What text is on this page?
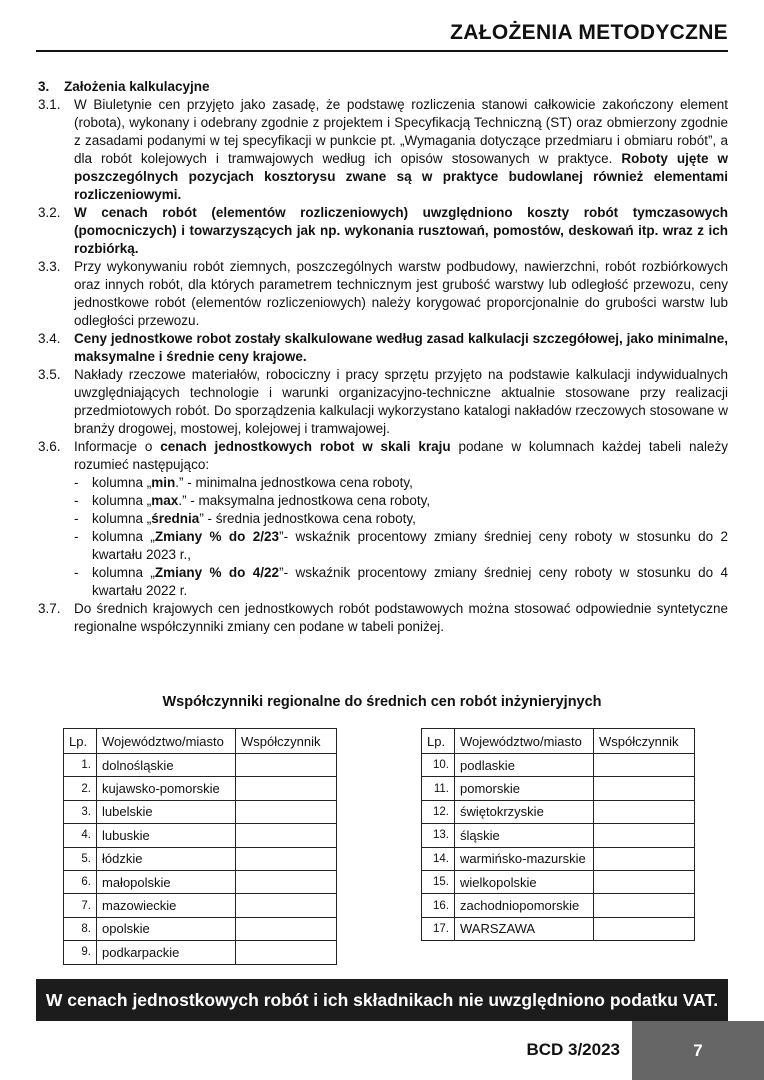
ZAŁOŻENIA METODYCZNE
3. Założenia kalkulacyjne
3.1. W Biuletynie cen przyjęto jako zasadę, że podstawę rozliczenia stanowi całkowicie zakończony element (robota), wykonany i odebrany zgodnie z projektem i Specyfikacją Techniczną (ST) oraz obmierzony zgodnie z zasadami podanymi w tej specyfikacji w punkcie pt. „Wymagania dotyczące przedmiaru i obmiaru robót”, a dla robót kolejowych i tramwajowych według ich opisów stosowanych w praktyce. Roboty ujęte w poszczególnych pozycjach kosztorysu zwane są w praktyce budowlanej również elementami rozliczeniowymi.
3.2. W cenach robót (elementów rozliczeniowych) uwzględniono koszty robót tymczasowych (pomocniczych) i towarzyszących jak np. wykonania rusztowań, pomostów, deskowań itp. wraz z ich rozbiórką.
3.3. Przy wykonywaniu robót ziemnych, poszczególnych warstw podbudowy, nawierzchni, robót rozbiórkowych oraz innych robót, dla których parametrem technicznym jest grubość warstwy lub odległość przewozu, ceny jednostkowe robót (elementów rozliczeniowych) należy korygować proporcjonalnie do grubości warstw lub odległości przewozu.
3.4. Ceny jednostkowe robot zostały skalkulowane według zasad kalkulacji szczegółowej, jako minimalne, maksymalne i średnie ceny krajowe.
3.5. Nakłady rzeczowe materiałów, robociczny i pracy sprzętu przyjęto na podstawie kalkulacji indywidualnych uwzględniających technologie i warunki organizacyjno-techniczne aktualnie stosowane przy realizacji przedmiotowych robót. Do sporządzenia kalkulacji wykorzystano katalogi nakładów rzeczowych stosowane w branży drogowej, mostowej, kolejowej i tramwajowej.
3.6. Informacje o cenach jednostkowych robot w skali kraju podane w kolumnach każdej tabeli należy rozumieć następująco:
-	kolumna „min.” - minimalna jednostkowa cena roboty,
-	kolumna „max.” - maksymalna jednostkowa cena roboty,
-	kolumna „średnia” - średnia jednostkowa cena roboty,
-	kolumna „Zmiany % do 2/23”- wskaźnik procentowy zmiany średniej ceny roboty w stosunku do 2 kwartału 2023 r.,
-	kolumna „Zmiany % do 4/22”- wskaźnik procentowy zmiany średniej ceny roboty w stosunku do 4 kwartału 2022 r.
3.7. Do średnich krajowych cen jednostkowych robót podstawowych można stosować odpowiednie syntetyczne regionalne współczynniki zmiany cen podane w tabeli poniżej.
Współczynniki regionalne do średnich cen robót inżynieryjnych
Lp.	Województwo/miasto	Współczynnik
1.	dolnośląskie	
2.	kujawsko-pomorskie	
3.	lubelskie	
4.	lubuskie	
5.	łódzkie	
6.	małopolskie	
7.	mazowieckie	
8.	opolskie	
9.	podkarpackie	
Lp.	Województwo/miasto	Współczynnik
10.	podlaskie	
11.	pomorskie	
12.	świętokrzyskie	
13.	śląskie	
14.	warmińsko-mazurskie	
15.	wielkopolskie	
16.	zachodniopomorskie	
17.	WARSZAWA	
W cenach jednostkowych robót i ich składnikach nie uwzględniono podatku VAT.
BCD 3/2023	7
